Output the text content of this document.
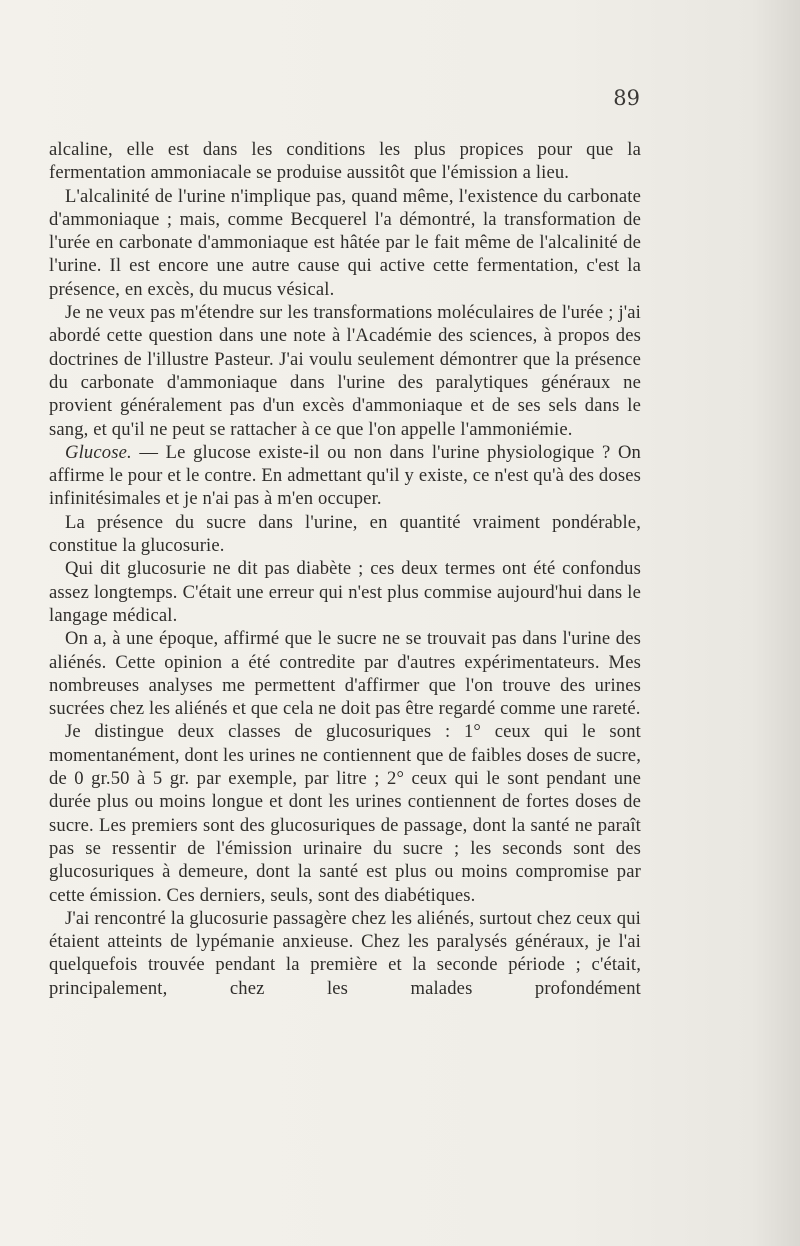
89

alcaline, elle est dans les conditions les plus propices pour que la fermentation ammoniacale se produise aussitôt que l'émission a lieu.

L'alcalinité de l'urine n'implique pas, quand même, l'existence du carbonate d'ammoniaque ; mais, comme Becquerel l'a démontré, la transformation de l'urée en carbonate d'ammoniaque est hâtée par le fait même de l'alcalinité de l'urine. Il est encore une autre cause qui active cette fermentation, c'est la présence, en excès, du mucus vésical.

Je ne veux pas m'étendre sur les transformations moléculaires de l'urée ; j'ai abordé cette question dans une note à l'Académie des sciences, à propos des doctrines de l'illustre Pasteur. J'ai voulu seulement démontrer que la présence du carbonate d'ammoniaque dans l'urine des paralytiques généraux ne provient généralement pas d'un excès d'ammoniaque et de ses sels dans le sang, et qu'il ne peut se rattacher à ce que l'on appelle l'ammoniémie.

Glucose. — Le glucose existe-il ou non dans l'urine physiologique ? On affirme le pour et le contre. En admettant qu'il y existe, ce n'est qu'à des doses infinitésimales et je n'ai pas à m'en occuper.

La présence du sucre dans l'urine, en quantité vraiment pondérable, constitue la glucosurie.

Qui dit glucosurie ne dit pas diabète ; ces deux termes ont été confondus assez longtemps. C'était une erreur qui n'est plus commise aujourd'hui dans le langage médical.

On a, à une époque, affirmé que le sucre ne se trouvait pas dans l'urine des aliénés. Cette opinion a été contredite par d'autres expérimentateurs. Mes nombreuses analyses me permettent d'affirmer que l'on trouve des urines sucrées chez les aliénés et que cela ne doit pas être regardé comme une rareté.

Je distingue deux classes de glucosuriques : 1° ceux qui le sont momentanément, dont les urines ne contiennent que de faibles doses de sucre, de 0 gr.50 à 5 gr. par exemple, par litre ; 2° ceux qui le sont pendant une durée plus ou moins longue et dont les urines contiennent de fortes doses de sucre. Les premiers sont des glucosuriques de passage, dont la santé ne paraît pas se ressentir de l'émission urinaire du sucre ; les seconds sont des glucosuriques à demeure, dont la santé est plus ou moins compromise par cette émission. Ces derniers, seuls, sont des diabétiques.

J'ai rencontré la glucosurie passagère chez les aliénés, surtout chez ceux qui étaient atteints de lypémanie anxieuse. Chez les paralysés généraux, je l'ai quelquefois trouvée pendant la première et la seconde période ; c'était, principalement, chez les malades profondément
